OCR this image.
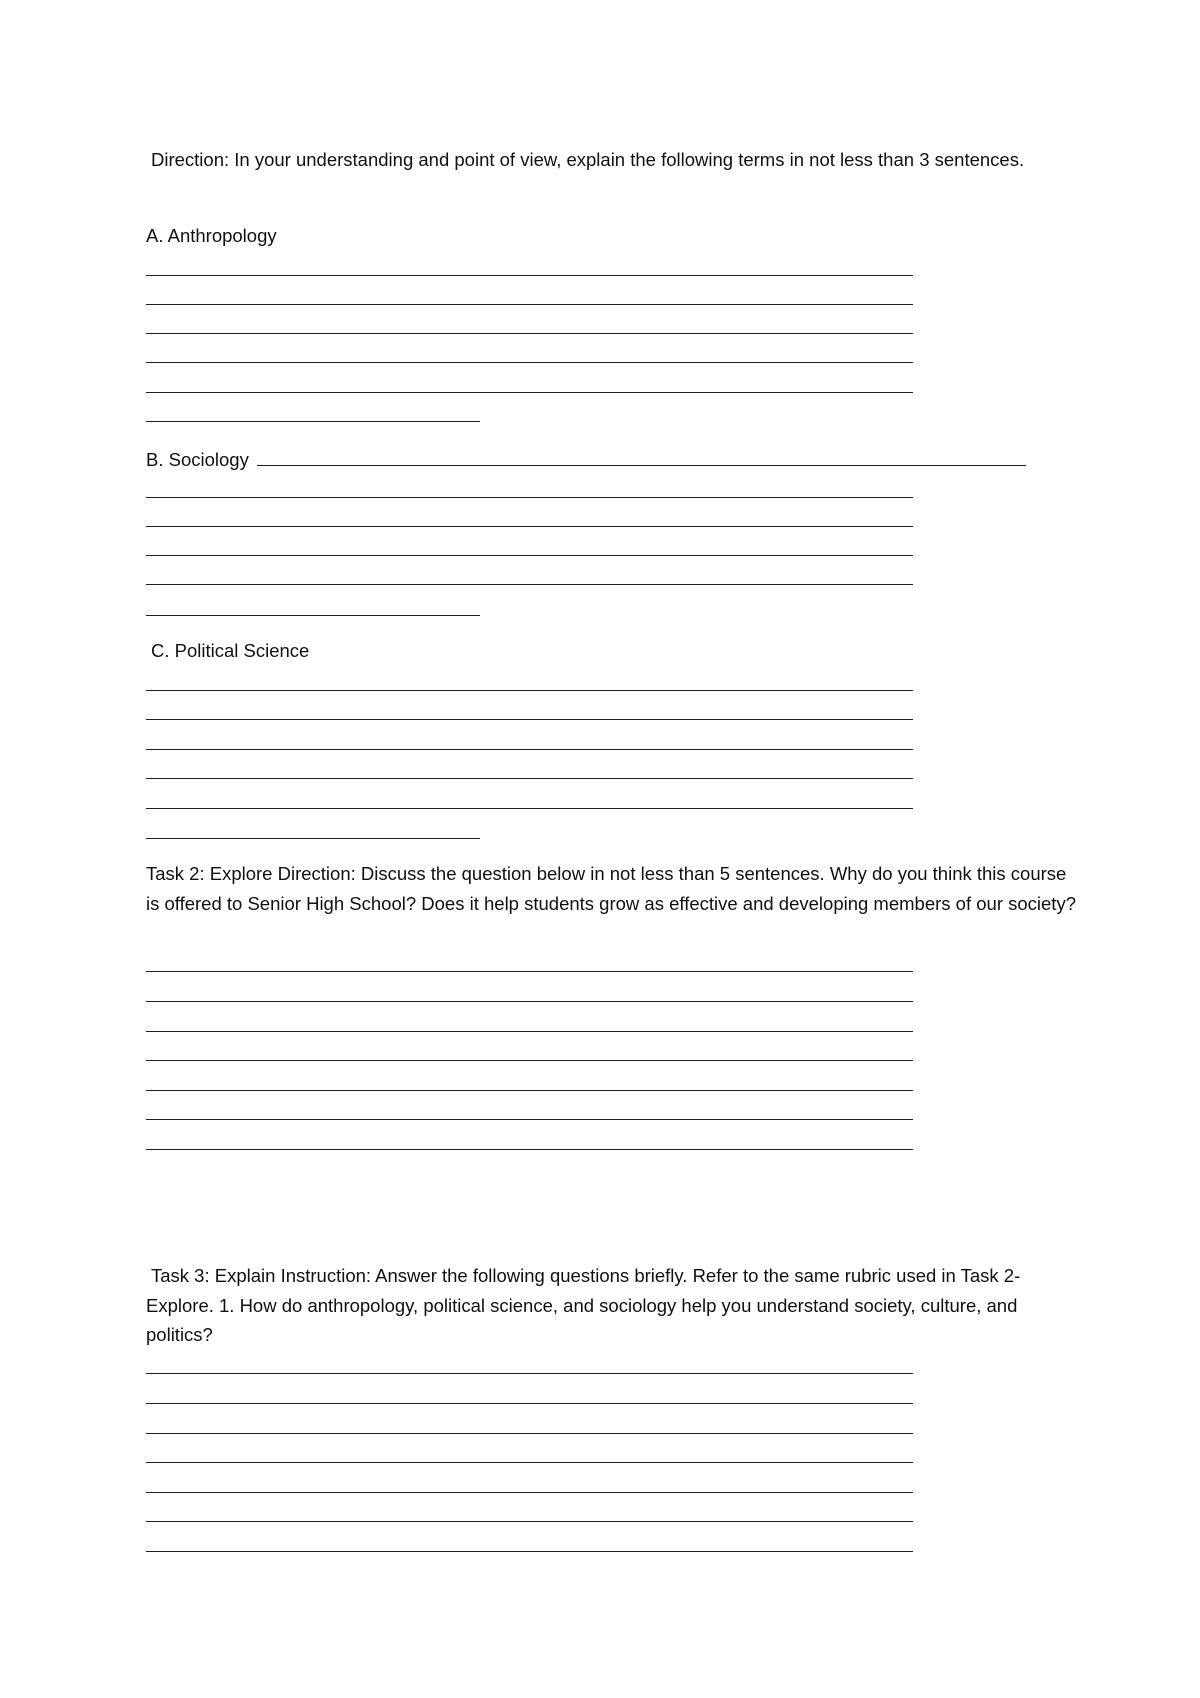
Direction: In your understanding and point of view, explain the following terms in not less than 3 sentences.

A. Anthropology

B. Sociology

C. Political Science

Task 2: Explore Direction: Discuss the question below in not less than 5 sentences. Why do you think this course is offered to Senior High School? Does it help students grow as effective and developing members of our society?

Task 3: Explain Instruction: Answer the following questions briefly. Refer to the same rubric used in Task 2- Explore. 1. How do anthropology, political science, and sociology help you understand society, culture, and politics?
